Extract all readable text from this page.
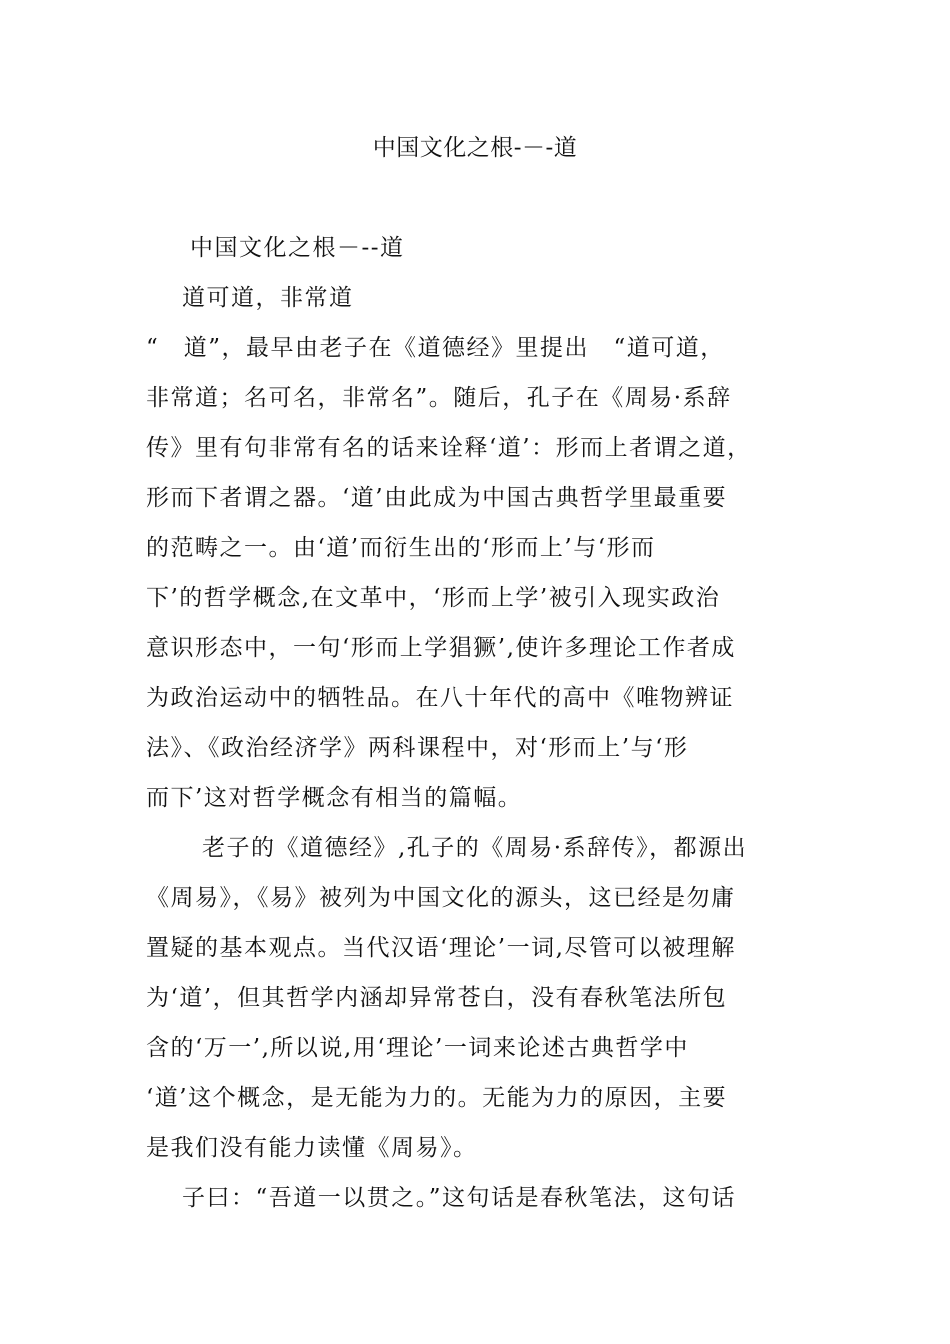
中国文化之根-－-道
中国文化之根－--道
道可道，非常道
“　道”，最早由老子在《道德经》里提出　“道可道，
非常道；名可名，非常名”。随后，孔子在《周易·系辞
传》里有句非常有名的话来诠释‘道’：形而上者谓之道，
形而下者谓之器。‘道’由此成为中国古典哲学里最重要
的范畴之一。由‘道’而衍生出的‘形而上’与‘形而
下’的哲学概念,在文革中，‘形而上学’被引入现实政治
意识形态中，一句‘形而上学猖獗’,使许多理论工作者成
为政治运动中的牺牲品。在八十年代的高中《唯物辨证
法》、《政治经济学》两科课程中，对‘形而上’与‘形
而下’这对哲学概念有相当的篇幅。
老子的《道德经》,孔子的《周易·系辞传》，都源出
《周易》，《易》被列为中国文化的源头，这已经是勿庸
置疑的基本观点。当代汉语‘理论’一词,尽管可以被理解
为‘道’，但其哲学内涵却异常苍白，没有春秋笔法所包
含的‘万一’,所以说,用‘理论’一词来论述古典哲学中
‘道’这个概念，是无能为力的。无能为力的原因，主要
是我们没有能力读懂《周易》。
子曰：“吾道一以贯之。”这句话是春秋笔法，这句话
